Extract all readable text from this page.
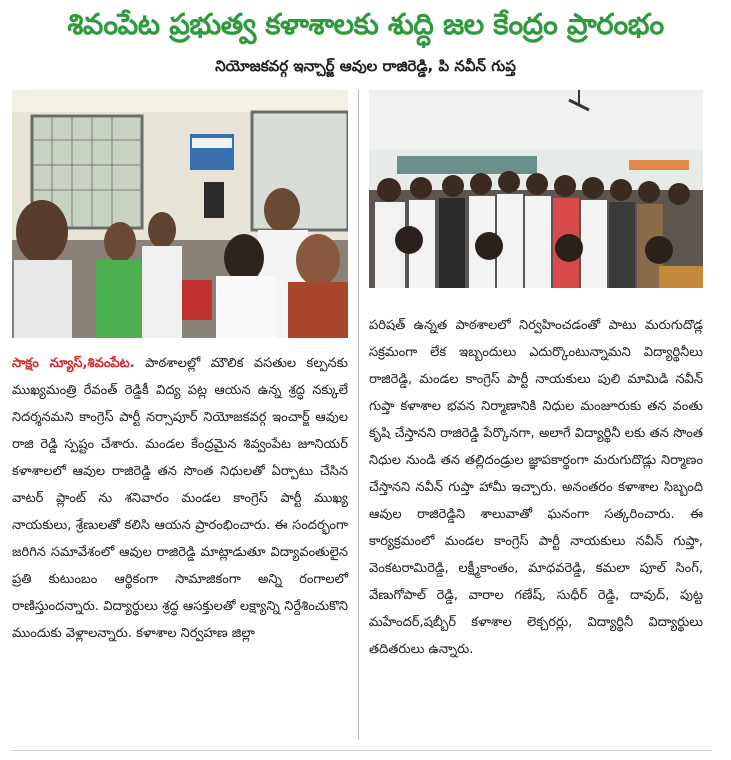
శివంపేట ప్రభుత్వ కళాశాలకు శుద్ధి జల కేంద్రం ప్రారంభం
నియోజకవర్గ ఇన్చార్జ్ ఆవుల రాజిరెడ్డి, పి నవీన్ గుప్త
సాక్షం న్యూస్,శివంపేట. పాఠశాలల్లో మౌలిక వసతుల కల్పనకు ముఖ్యమంత్రి రేవంత్ రెడ్డికీ విద్య పట్ల ఆయన ఉన్న శ్రద్ధ నక్కులే నిదర్శనమని కాంగ్రెస్ పార్టీ నర్సాపూర్ నియోజకవర్గ ఇంచార్జ్ ఆవుల రాజి రెడ్డి స్పష్టం చేశారు. మండల కేంద్రమైన శివ్వంపేట జూనియర్ కళాశాలలో ఆవుల రాజిరెడ్డి తన సొంత నిధులతో ఏర్పాటు చేసిన వాటర్ ప్లాంట్ ను శనివారం మండల కాంగ్రెస్ పార్టీ ముఖ్య నాయకులు, శ్రేణులతో కలిసి ఆయన ప్రారంభించారు. ఈ సందర్భంగా జరిగిన సమావేశంలో ఆవుల రాజిరెడ్డి మాట్లాడుతూ విద్యావంతులైన ప్రతి కుటుంబం ఆర్థికంగా సామాజికంగా అన్ని రంగాలలో రాణిస్తుందన్నారు. విద్యార్థులు శ్రద్ధ ఆసక్తులతో లక్ష్యాన్ని నిర్దేశించుకొని ముందుకు వెళ్లాలన్నారు. కళాశాల నిర్వహణ జిల్లా
పరిషత్ ఉన్నత పాఠశాలలో నిర్వహించడంతో పాటు మరుగుదొడ్ల సక్రమంగా లేక ఇబ్బందులు ఎదుర్కొంటున్నామని విద్యార్థినీలు రాజిరెడ్డి, మండల కాంగ్రెస్ పార్టీ నాయకులు పులి మామిడి నవీన్ గుప్తా కళాశాల భవన నిర్మాణానికి నిధుల మంజూరుకు తన వంతు కృషి చేస్తానని రాజిరెడ్డి పేర్కొనగా, అలాగే విద్యార్థినీ లకు తన సొంత నిధుల నుండి తన తల్లిదండ్రుల జ్ఞాపకార్థంగా మరుగుదొడ్లు నిర్మాణం చేస్తానని నవీన్ గుప్తా హామీ ఇచ్చారు. అనంతరం కళాశాల సిబ్బంది ఆవుల రాజిరెడ్డిని శాలువాతో ఘనంగా సత్కరించారు. ఈ కార్యక్రమంలో మండల కాంగ్రెస్ పార్టీ నాయకులు నవీన్ గుప్తా, వెంకటరామిరెడ్డి, లక్ష్మీకాంతం, మాధవరెడ్డి, కమలా పూల్ సింగ్, వేణుగోపాల్ రెడ్డి, వారాల గణేష్, సుధీర్ రెడ్డి, దావుద్, పుట్ట మహేందర్,షబ్బీర్ కళాశాల లెక్చరర్లు, విద్యార్థినీ విద్యార్థులు తదితరులు ఉన్నారు.
